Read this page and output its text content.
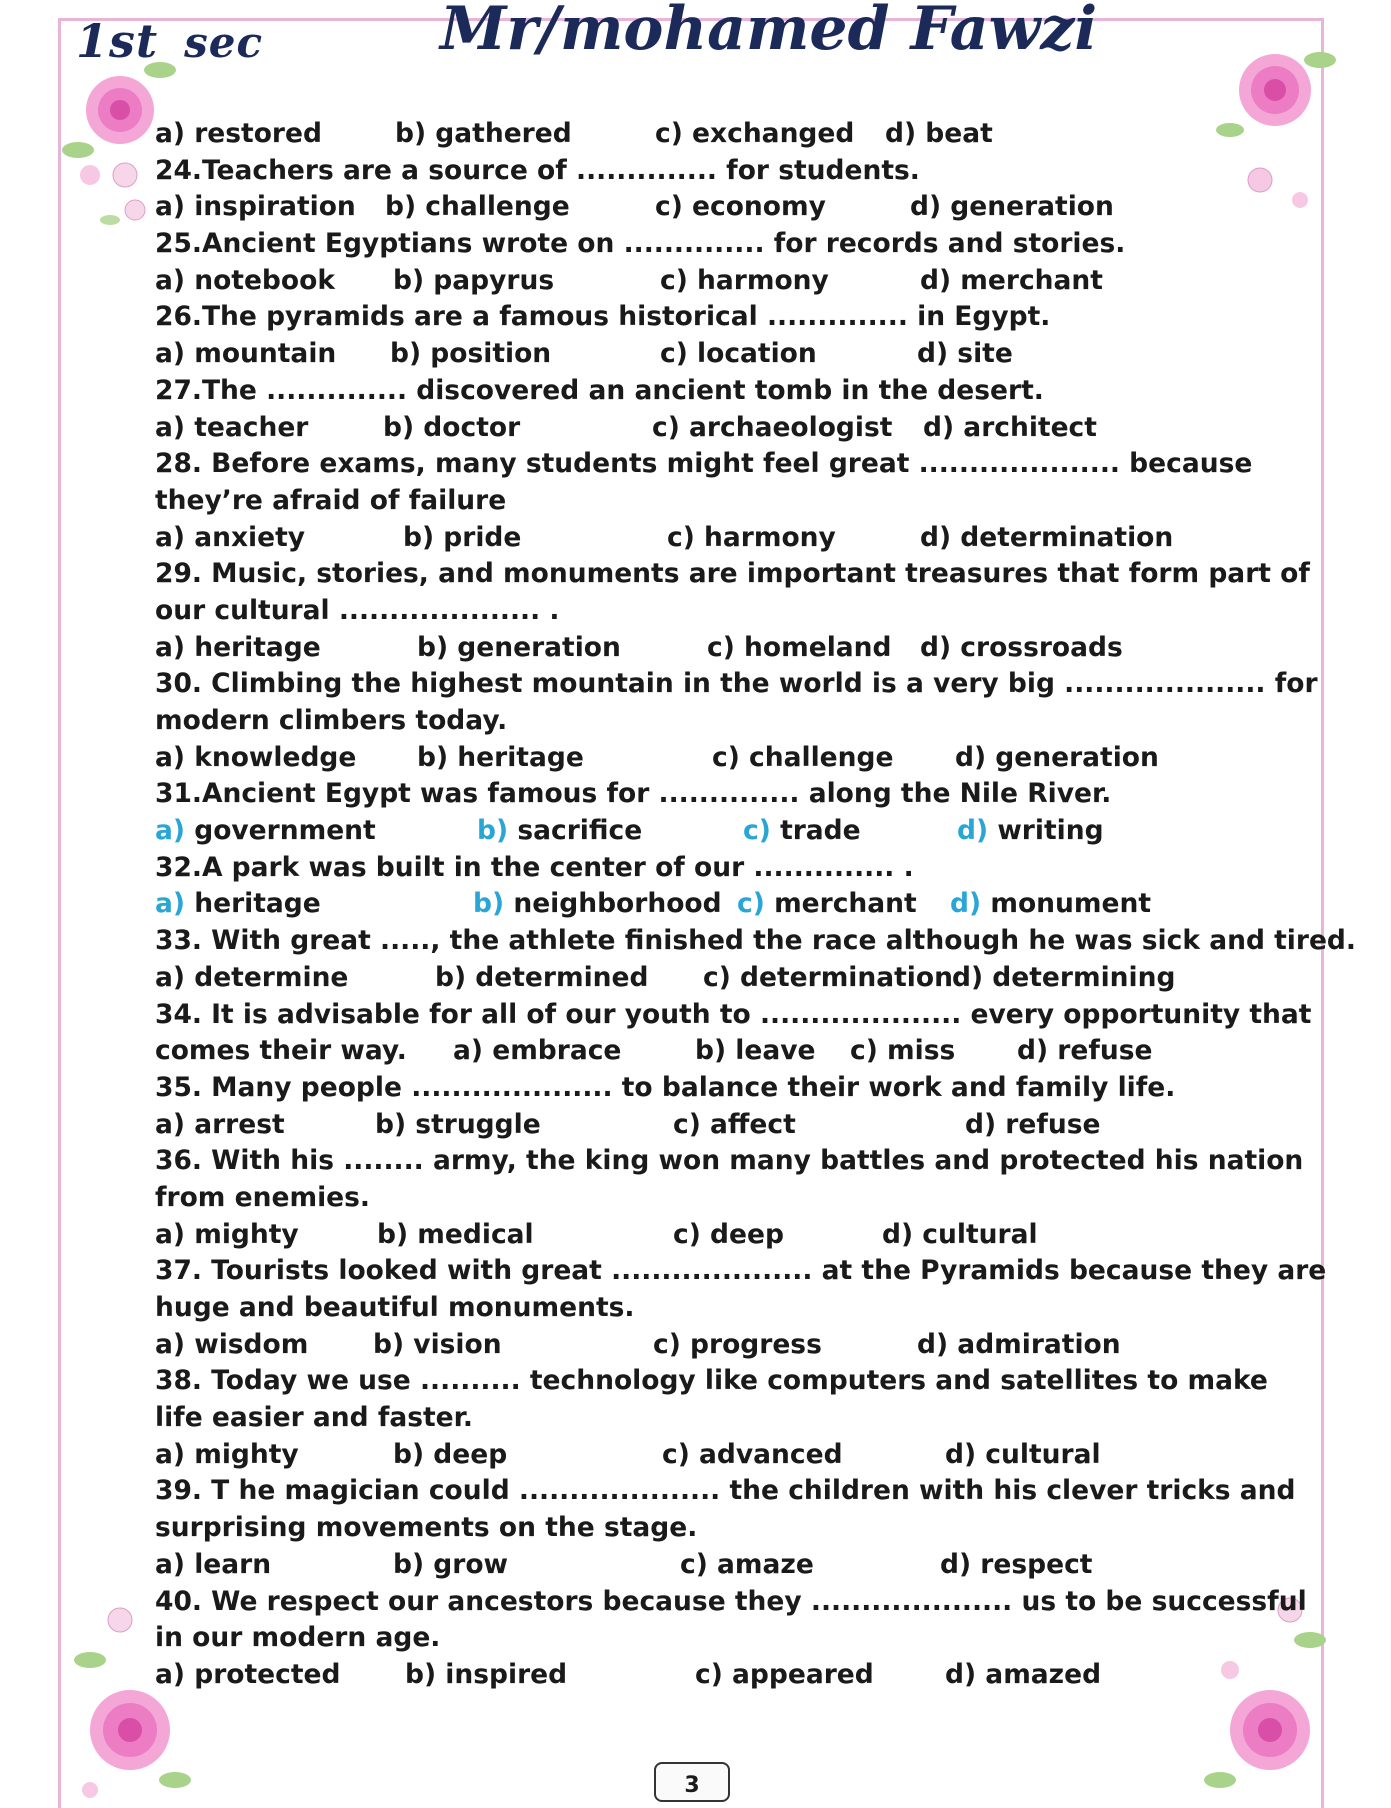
1st sec	Mr/mohamed Fawzi
a) restored	b) gathered	c) exchanged d) beat
24.Teachers are a source of .............. for students.
a) inspiration b) challenge	c) economy	d) generation
25.Ancient Egyptians wrote on .............. for records and stories.
a) notebook b) papyrus	c) harmony	d) merchant
26.The pyramids are a famous historical .............. in Egypt.
a) mountain b) position	c) location	d) site
27.The .............. discovered an ancient tomb in the desert.
a) teacher	b) doctor	c) archaeologist d) architect
28. Before exams, many students might feel great .................... because
they’re afraid of failure
a) anxiety	b) pride	c) harmony	d) determination
29. Music, stories, and monuments are important treasures that form part of
our cultural .................... .
a) heritage	b) generation	c) homeland d) crossroads
30. Climbing the highest mountain in the world is a very big .................... for
modern climbers today.
a) knowledge b) heritage	c) challenge d) generation
31.Ancient Egypt was famous for .............. along the Nile River.
a) government	b) sacrifice	c) trade	d) writing
32.A park was built in the center of our .............. .
a) heritage	b) neighborhood c) merchant d) monument
33. With great ....., the athlete finished the race although he was sick and tired.
a) determine	b) determined c) determination d) determining
34. It is advisable for all of our youth to .................... every opportunity that
comes their way. a) embrace	b) leave c) miss d) refuse
35. Many people .................... to balance their work and family life.
a) arrest	b) struggle	c) affect	d) refuse
36. With his ........ army, the king won many battles and protected his nation
from enemies.
a) mighty	b) medical	c) deep	d) cultural
37. Tourists looked with great .................... at the Pyramids because they are
huge and beautiful monuments.
a) wisdom b) vision	c) progress	d) admiration
38. Today we use .......... technology like computers and satellites to make
life easier and faster.
a) mighty	b) deep	c) advanced	d) cultural
39. T he magician could .................... the children with his clever tricks and
surprising movements on the stage.
a) learn	b) grow	c) amaze	d) respect
40. We respect our ancestors because they .................... us to be successful
in our modern age.
a) protected b) inspired	c) appeared	d) amazed
3
